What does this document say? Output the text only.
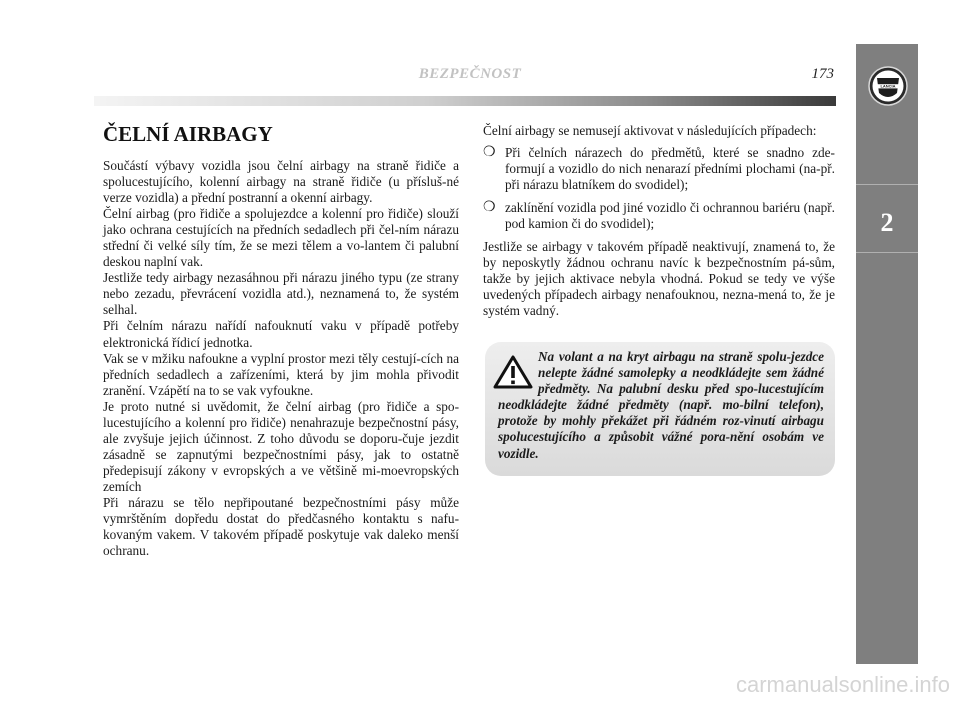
BEZPEČNOST	173
LANCIA
2
ČELNÍ AIRBAGY

Součástí výbavy vozidla jsou čelní airbagy na straně řidiče a spolucestujícího, kolenní airbagy na straně řidiče (u přísluš-né verze vozidla) a přední postranní a okenní airbagy.

Čelní airbag (pro řidiče a spolujezdce a kolenní pro řidiče) slouží jako ochrana cestujících na předních sedadlech při čel-ním nárazu střední či velké síly tím, že se mezi tělem a vo-lantem či palubní deskou naplní vak.

Jestliže tedy airbagy nezasáhnou při nárazu jiného typu (ze strany nebo zezadu, převrácení vozidla atd.), neznamená to, že systém selhal.

Při čelním nárazu nařídí nafouknutí vaku v případě potřeby elektronická řídicí jednotka.

Vak se v mžiku nafoukne a vyplní prostor mezi těly cestují-cích na předních sedadlech a zařízeními, která by jim mohla přivodit zranění. Vzápětí na to se vak vyfoukne.

Je proto nutné si uvědomit, že čelní airbag (pro řidiče a spo-lucestujícího a kolenní pro řidiče) nenahrazuje bezpečnostní pásy, ale zvyšuje jejich účinnost. Z toho důvodu se doporu-čuje jezdit zásadně se zapnutými bezpečnostními pásy, jak to ostatně předepisují zákony v evropských a ve většině mi-moevropských zemích

Při nárazu se tělo nepřipoutané bezpečnostními pásy může vymrštěním dopředu dostat do předčasného kontaktu s nafu-kovaným vakem. V takovém případě poskytuje vak daleko menší ochranu.

Čelní airbagy se nemusejí aktivovat v následujících případech:

❍ Při čelních nárazech do předmětů, které se snadno zde-formují a vozidlo do nich nenarazí předními plochami (na-př. při nárazu blatníkem do svodidel);
❍ zaklínění vozidla pod jiné vozidlo či ochrannou bariéru (např. pod kamion či do svodidel);

Jestliže se airbagy v takovém případě neaktivují, znamená to, že by neposkytly žádnou ochranu navíc k bezpečnostním pá-sům, takže by jejich aktivace nebyla vhodná. Pokud se tedy ve výše uvedených případech airbagy nenafouknou, nezna-mená to, že je systém vadný.

Na volant a na kryt airbagu na straně spolu-jezdce nelepte žádné samolepky a neodkládejte sem žádné předměty. Na palubní desku před spo-lucestujícím neodkládejte žádné předměty (např. mo-bilní telefon), protože by mohly překážet při řádném roz-vinutí airbagu spolucestujícího a způsobit vážné pora-nění osobám ve vozidle.

carmanualsonline.info
